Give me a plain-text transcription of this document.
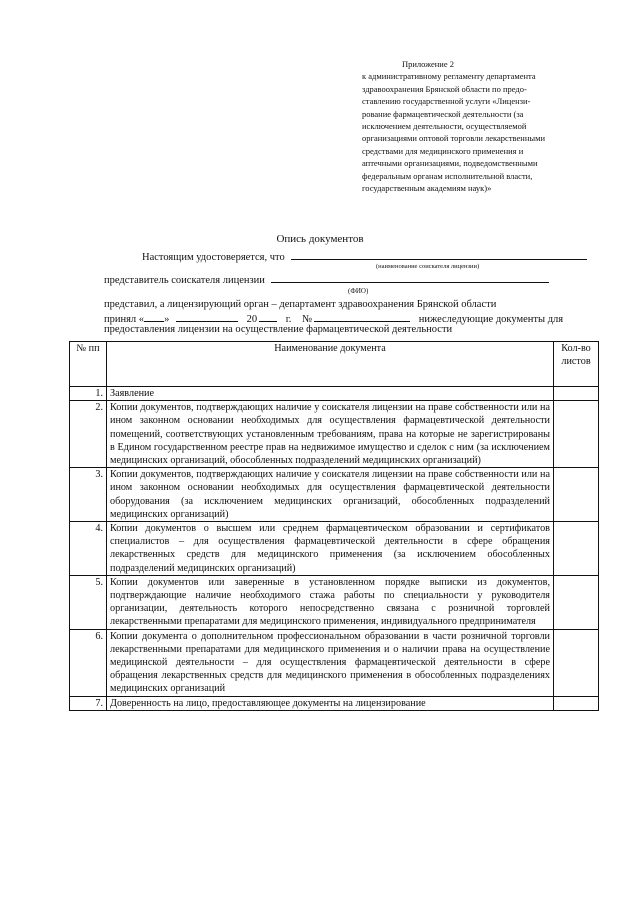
Приложение 2
к административному регламенту департамента
здравоохранения Брянской области по предо-
ставлению государственной услуги «Лицензи-
рование фармацевтической деятельности (за
исключением деятельности, осуществляемой
организациями оптовой торговли лекарственными
средствами для медицинского применения и
аптечными организациями, подведомственными
федеральным органам исполнительной власти,
государственным академиям наук)»
Опись документов
Настоящим удостоверяется, что
(наименование соискателя лицензии)
представитель соискателя лицензии
(ФИО)
представил, а лицензирующий орган – департамент здравоохранения Брянской области
принял « »	20	г. №	нижеследующие документы для
предоставления лицензии на осуществление фармацевтической деятельности
№ пп	Наименование документа	Кол-во листов
1.	Заявление	
2.	Копии документов, подтверждающих наличие у соискателя лицензии на праве собственности или на ином законном основании необходимых для осуществления фармацевтической деятельности помещений, соответствующих установленным требованиям, права на которые не зарегистрированы в Едином государственном реестре прав на недвижимое имущество и сделок с ним (за исключением медицинских организаций, обособленных подразделений медицинских организаций)	
3.	Копии документов, подтверждающих наличие у соискателя лицензии на праве собственности или на ином законном основании необходимых для осуществления фармацевтической деятельности оборудования (за исключением медицинских организаций, обособленных подразделений медицинских организаций)	
4.	Копии документов о высшем или среднем фармацевтическом образовании и сертификатов специалистов – для осуществления фармацевтической деятельности в сфере обращения лекарственных средств для медицинского применения (за исключением обособленных подразделений медицинских организаций)	
5.	Копии документов или заверенные в установленном порядке выписки из документов, подтверждающие наличие необходимого стажа работы по специальности у руководителя организации, деятельность которого непосредственно связана с розничной торговлей лекарственными препаратами для медицинского применения, индивидуального предпринимателя	
6.	Копии документа о дополнительном профессиональном образовании в части розничной торговли лекарственными препаратами для медицинского применения и о наличии права на осуществление медицинской деятельности – для осуществления фармацевтической деятельности в сфере обращения лекарственных средств для медицинского применения в обособленных подразделениях медицинских организаций	
7.	Доверенность на лицо, предоставляющее документы на лицензирование	
